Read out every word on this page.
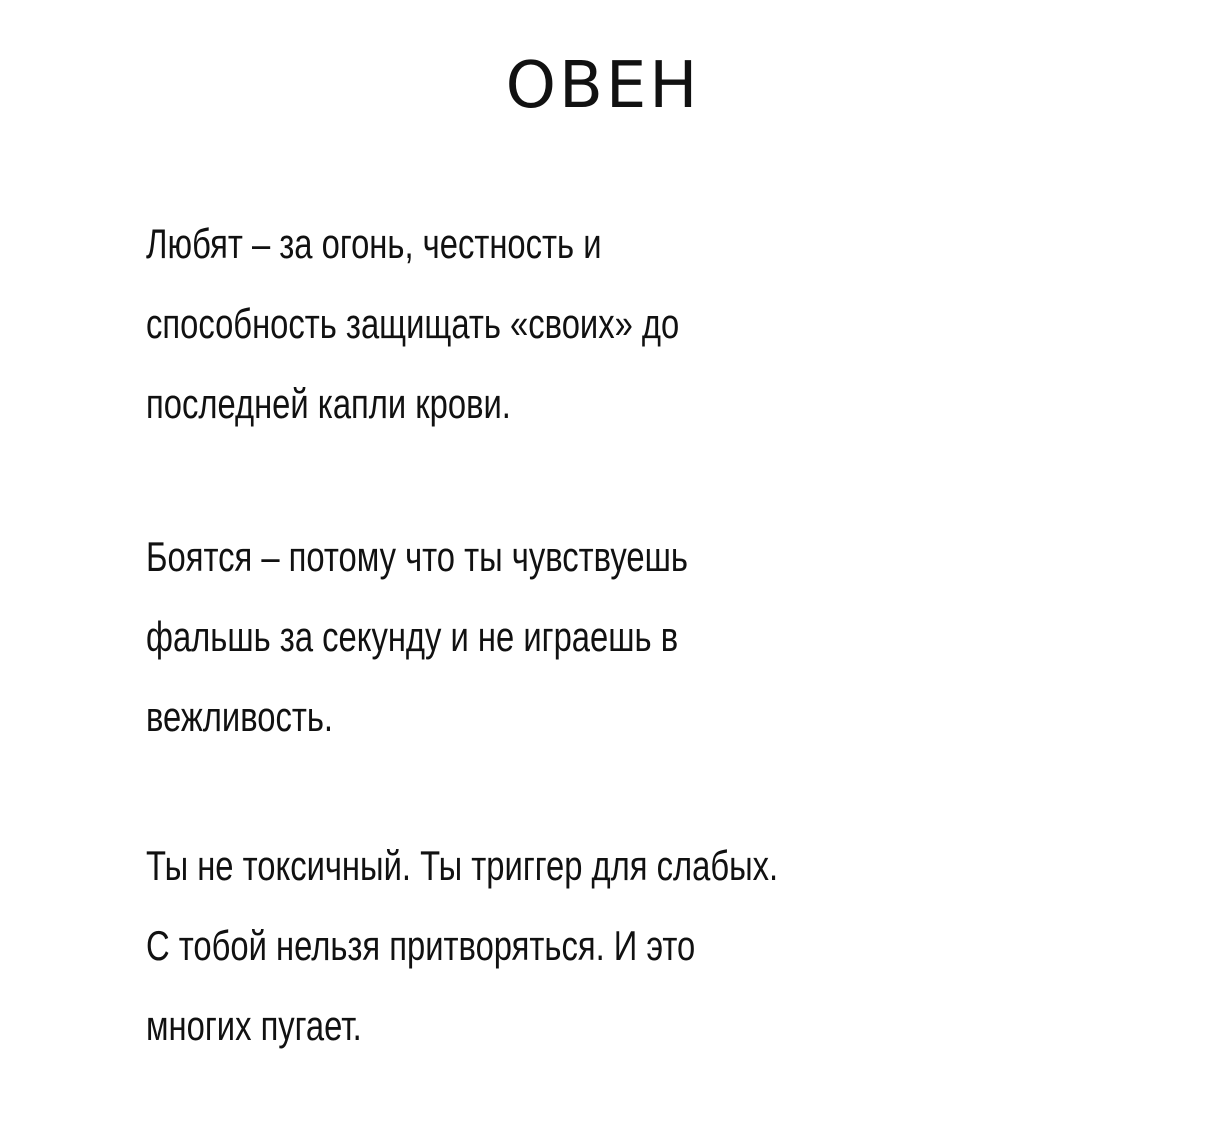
ОВЕН

Любят – за огонь, честность и
способность защищать «своих» до
последней капли крови.

Боятся – потому что ты чувствуешь
фальшь за секунду и не играешь в
вежливость.

Ты не токсичный. Ты триггер для слабых.
С тобой нельзя притворяться. И это
многих пугает.
